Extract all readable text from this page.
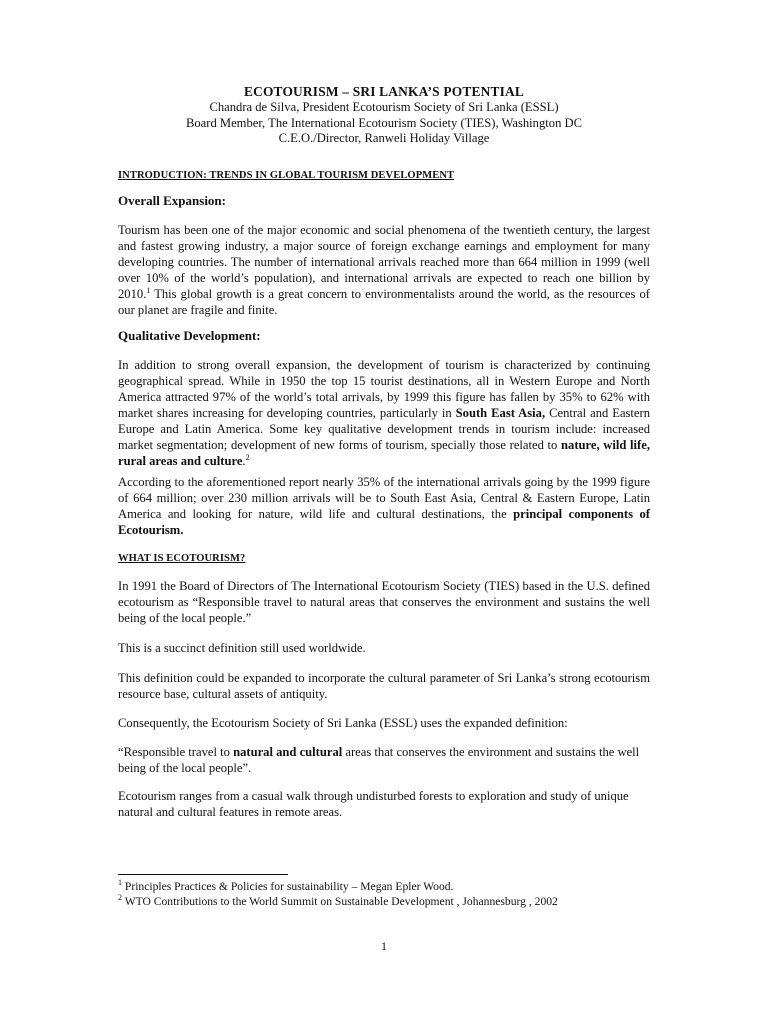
ECOTOURISM – SRI LANKA’S POTENTIAL
Chandra de Silva, President Ecotourism Society of Sri Lanka (ESSL)
Board Member, The International Ecotourism Society (TIES), Washington DC
C.E.O./Director, Ranweli Holiday Village
INTRODUCTION: TRENDS IN GLOBAL TOURISM DEVELOPMENT
Overall Expansion:
Tourism has been one of the major economic and social phenomena of the twentieth century, the largest and fastest growing industry, a major source of foreign exchange earnings and employment for many developing countries. The number of international arrivals reached more than 664 million in 1999 (well over 10% of the world’s population), and international arrivals are expected to reach one billion by 2010.$^1$ This global growth is a great concern to environmentalists around the world, as the resources of our planet are fragile and finite.
Qualitative Development:
In addition to strong overall expansion, the development of tourism is characterized by continuing geographical spread. While in 1950 the top 15 tourist destinations, all in Western Europe and North America attracted 97% of the world’s total arrivals, by 1999 this figure has fallen by 35% to 62% with market shares increasing for developing countries, particularly in South East Asia, Central and Eastern Europe and Latin America. Some key qualitative development trends in tourism include: increased market segmentation; development of new forms of tourism, specially those related to nature, wild life, rural areas and culture.$^2$
According to the aforementioned report nearly 35% of the international arrivals going by the 1999 figure of 664 million; over 230 million arrivals will be to South East Asia, Central & Eastern Europe, Latin America and looking for nature, wild life and cultural destinations, the principal components of Ecotourism.
WHAT IS ECOTOURISM?
In 1991 the Board of Directors of The International Ecotourism Society (TIES) based in the U.S. defined ecotourism as “Responsible travel to natural areas that conserves the environment and sustains the well being of the local people.”
This is a succinct definition still used worldwide.
This definition could be expanded to incorporate the cultural parameter of Sri Lanka’s strong ecotourism resource base, cultural assets of antiquity.
Consequently, the Ecotourism Society of Sri Lanka (ESSL) uses the expanded definition:
“Responsible travel to natural and cultural areas that conserves the environment and sustains the well being of the local people”.
Ecotourism ranges from a casual walk through undisturbed forests to exploration and study of unique natural and cultural features in remote areas.
$^1$ Principles Practices & Policies for sustainability – Megan Epler Wood.
$^2$ WTO Contributions to the World Summit on Sustainable Development , Johannesburg , 2002
1
